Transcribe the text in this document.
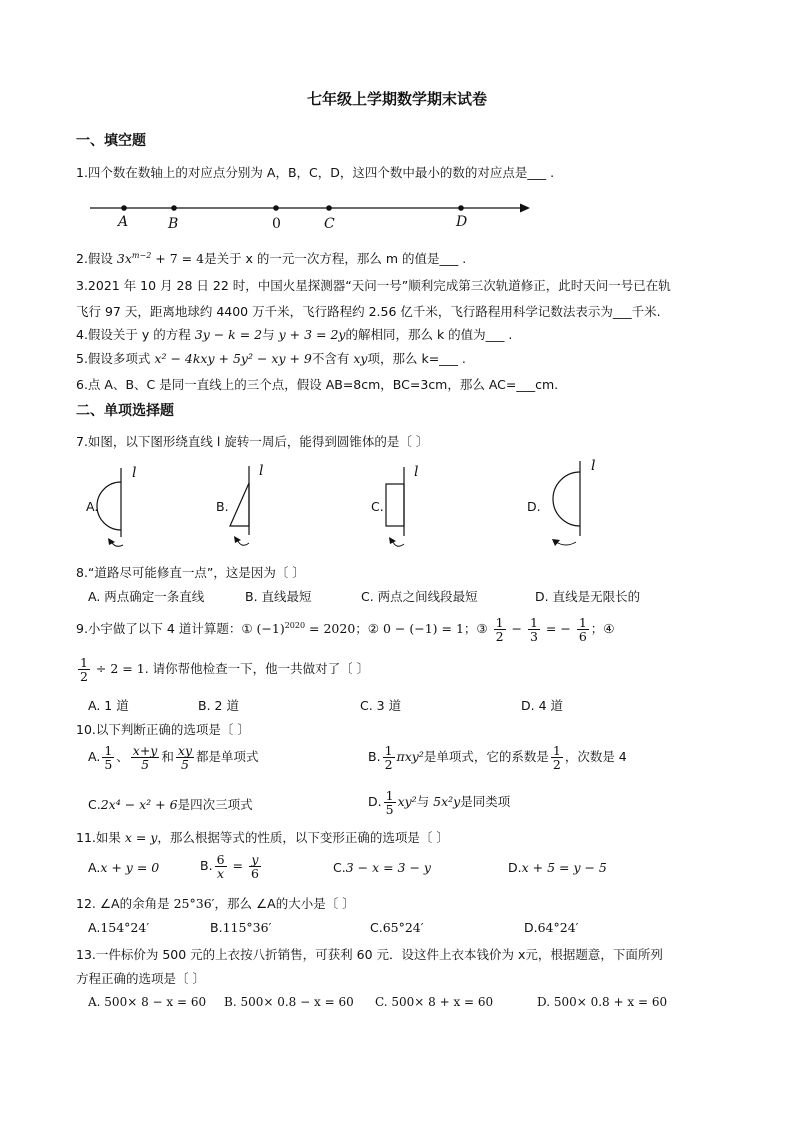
七年级上学期数学期末试卷
一、填空题
1.四个数在数轴上的对应点分别为 A，B，C，D，这四个数中最小的数的对应点是___ .
A	B	0	C	D
2.假设 $3x^{m-2} + 7 = 4$是关于 x 的一元一次方程，那么 m 的值是___ .
3.2021 年 10 月 28 日 22 时，中国火星探测器“天问一号”顺利完成第三次轨道修正，此时天问一号已在轨
飞行 97 天，距离地球约 4400 万千米，飞行路程约 2.56 亿千米，飞行路程用科学记数法表示为___千米.
4.假设关于 y 的方程 3y − k = 2与 y + 3 = 2y的解相同，那么 k 的值为___ .
5.假设多项式 x² − 4kxy + 5y² − xy + 9不含有 xy项，那么 k=___ .
6.点 A、B、C 是同一直线上的三个点，假设 AB=8cm，BC=3cm，那么 AC=___cm.
二、单项选择题
7.如图，以下图形绕直线 l 旋转一周后，能得到圆锥体的是〔 〕
A.
l
B.
l
C.
l
D.
l
8.“道路尽可能修直一点”，这是因为〔 〕
A. 两点确定一条直线	B. 直线最短	C. 两点之间线段最短	D. 直线是无限长的
9.小宇做了以下 4 道计算题：① $(-1)^{2020} = 2020$；② 0 − (−1) = 1；③ $\frac{1}{2} - \frac{1}{3}$ = − $\frac{1}{6}$ ；④
$\frac{1}{2} \div 2 = 1$. 请你帮他检查一下，他一共做对了〔 〕
A. 1 道	B. 2 道	C. 3 道	D. 4 道
10.以下判断正确的选项是〔 〕
A. $\frac{1}{5}$ 、 $\frac{x+y}{5}$ 和 $\frac{xy}{5}$ 都是单项式	B. $\frac{1}{2} \pi xy^2$是单项式，它的系数是 $\frac{1}{2}$ ，次数是 4
C.2x⁴ − x² + 6是四次三项式	D. $\frac{1}{5} xy^2$与 5x²y是同类项
11.如果 x = y，那么根据等式的性质，以下变形正确的选项是〔 〕
A.x + y = 0	B. $\frac{6}{x} = \frac{y}{6}$	C.3 − x = 3 − y	D.x + 5 = y − 5
12. ∠A的余角是 25°36′，那么 ∠A的大小是〔 〕
A.154°24′	B.115°36′	C.65°24′	D.64°24′
13.一件标价为 500 元的上衣按八折销售，可获利 60 元．设这件上衣本钱价为 x元，根据题意，下面所列
方程正确的选项是〔 〕
A. 500× 8 − x = 60 B. 500× 0.8 − x = 60 C. 500× 8 + x = 60	D. 500× 0.8 + x = 60
